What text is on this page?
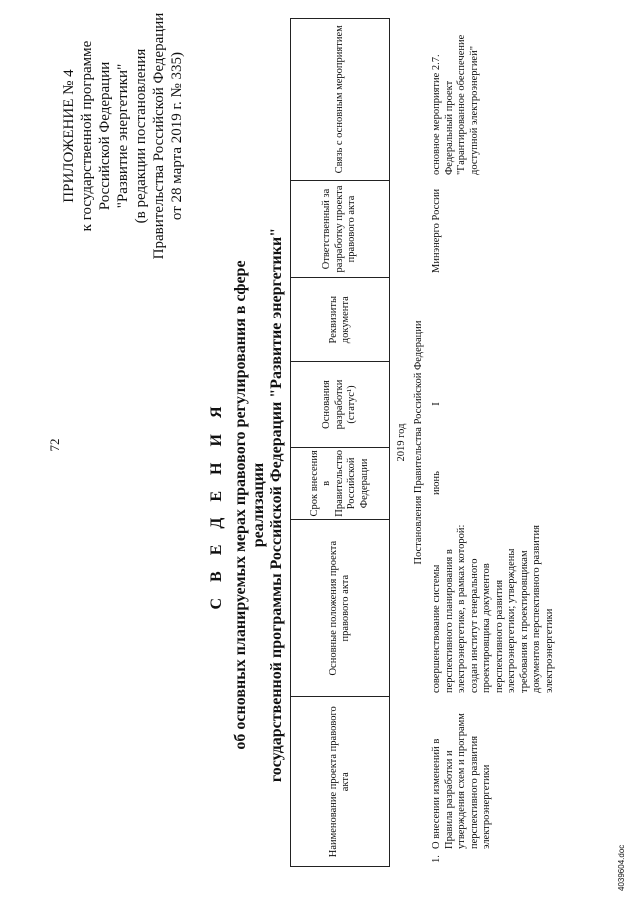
72
ПРИЛОЖЕНИЕ № 4 к государственной программе Российской Федерации "Развитие энергетики" (в редакции постановления Правительства Российской Федерации от 28 марта 2019 г. № 335)
С В Е Д Е Н И Я об основных планируемых мерах правового регулирования в сфере реализации государственной программы Российской Федерации "Развитие энергетики"	Наименование проекта правового акта
Основные положения проекта правового акта
Срок внесения в Правительство Российской Федерации
Основания разработки (статус¹)
Реквизиты документа
Ответственный за разработку проекта правового акта
Связь с основным мероприятием
2019 год Постановления Правительства Российской Федерации
1.
О внесении изменений в Правила разработки и утверждения схем и программ перспективного развития электроэнергетики
совершенствование системы перспективного планирования в электроэнергетике, в рамках которой: создан институт генерального проектировщика документов перспективного развития электроэнергетики; утверждены требования к проектировщикам документов перспективного развития электроэнергетики
июнь
I
Минэнерго России
основное мероприятие 2.7. Федеральный проект "Гарантированное обеспечение доступной электроэнергией"
4039604.doc
